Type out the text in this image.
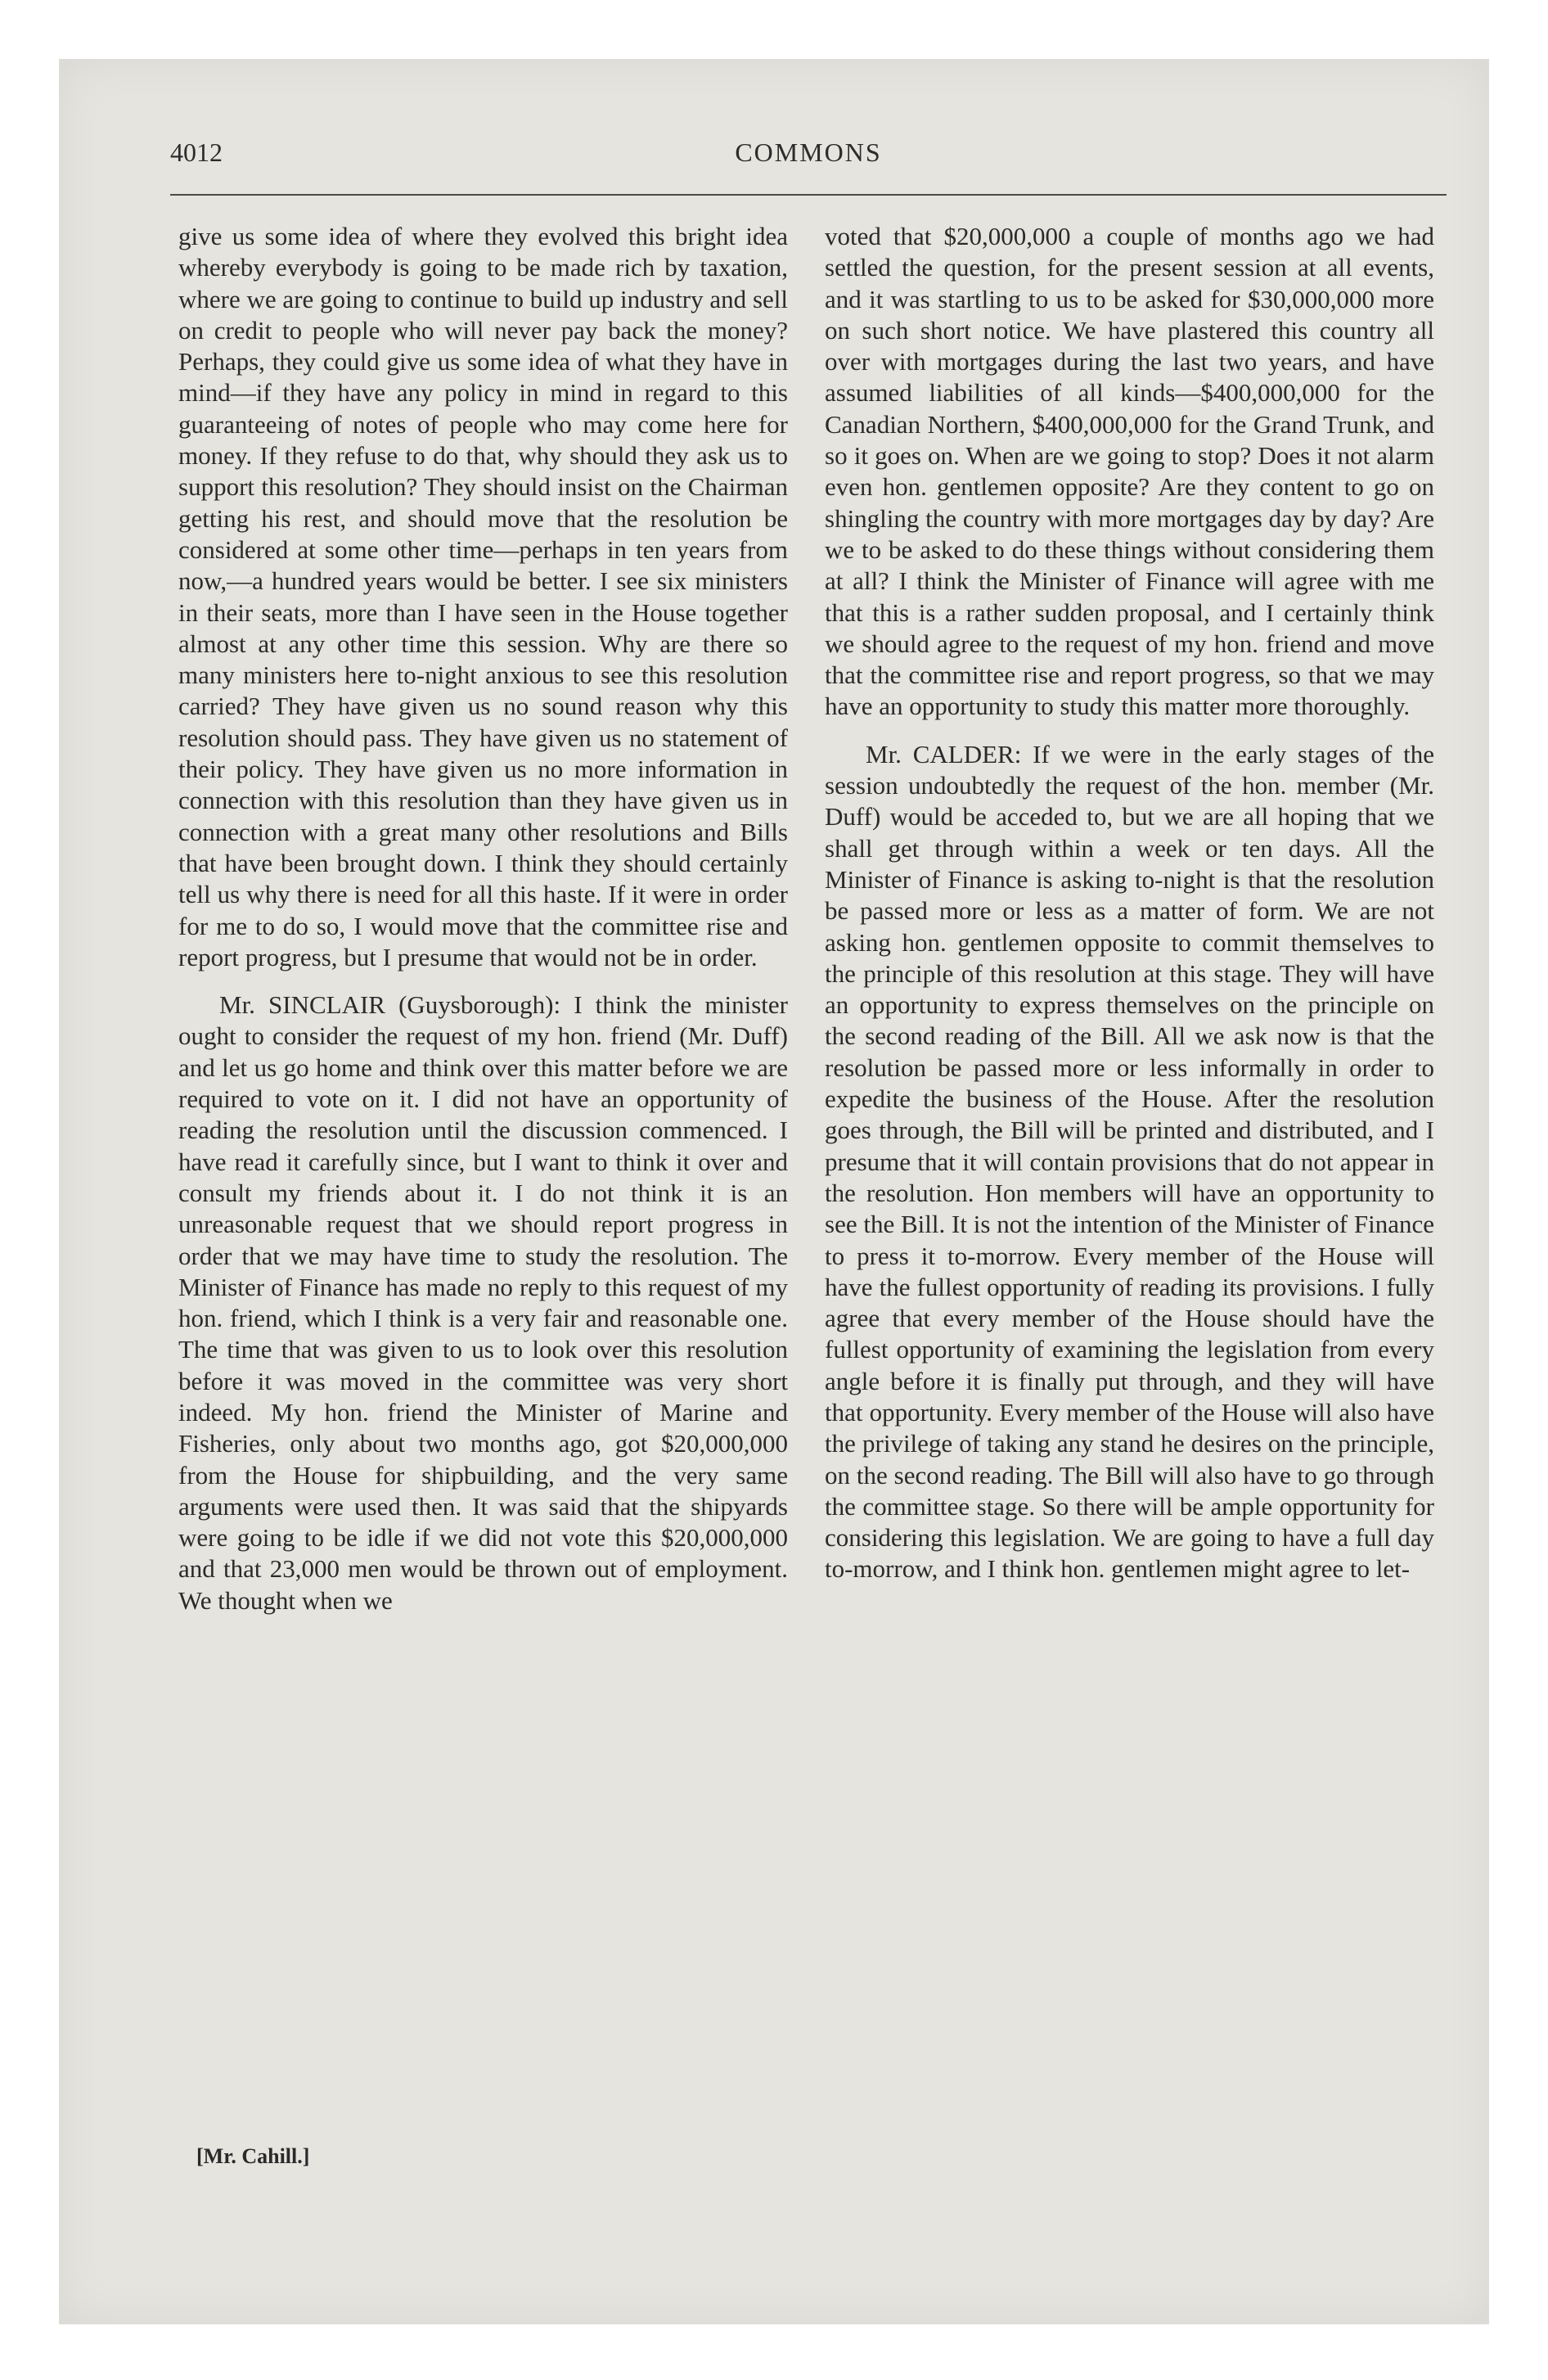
4012	COMMONS

give us some idea of where they evolved this bright idea whereby everybody is going to be made rich by taxation, where we are going to continue to build up industry and sell on credit to people who will never pay back the money? Perhaps, they could give us some idea of what they have in mind—if they have any policy in mind in regard to this guaranteeing of notes of people who may come here for money. If they refuse to do that, why should they ask us to support this resolution? They should insist on the Chairman getting his rest, and should move that the resolution be considered at some other time—perhaps in ten years from now,—a hundred years would be better. I see six ministers in their seats, more than I have seen in the House together almost at any other time this session. Why are there so many ministers here to-night anxious to see this resolution carried? They have given us no sound reason why this resolution should pass. They have given us no statement of their policy. They have given us no more information in connection with this resolution than they have given us in connection with a great many other resolutions and Bills that have been brought down. I think they should certainly tell us why there is need for all this haste. If it were in order for me to do so, I would move that the committee rise and report progress, but I presume that would not be in order.

Mr. SINCLAIR (Guysborough): I think the minister ought to consider the request of my hon. friend (Mr. Duff) and let us go home and think over this matter before we are required to vote on it. I did not have an opportunity of reading the resolution until the discussion commenced. I have read it carefully since, but I want to think it over and consult my friends about it. I do not think it is an unreasonable request that we should report progress in order that we may have time to study the resolution. The Minister of Finance has made no reply to this request of my hon. friend, which I think is a very fair and reasonable one. The time that was given to us to look over this resolution before it was moved in the committee was very short indeed. My hon. friend the Minister of Marine and Fisheries, only about two months ago, got $20,000,000 from the House for shipbuilding, and the very same arguments were used then. It was said that the shipyards were going to be idle if we did not vote this $20,000,000 and that 23,000 men would be thrown out of employment. We thought when we

voted that $20,000,000 a couple of months ago we had settled the question, for the present session at all events, and it was startling to us to be asked for $30,000,000 more on such short notice. We have plastered this country all over with mortgages during the last two years, and have assumed liabilities of all kinds—$400,000,000 for the Canadian Northern, $400,000,000 for the Grand Trunk, and so it goes on. When are we going to stop? Does it not alarm even hon. gentlemen opposite? Are they content to go on shingling the country with more mortgages day by day? Are we to be asked to do these things without considering them at all? I think the Minister of Finance will agree with me that this is a rather sudden proposal, and I certainly think we should agree to the request of my hon. friend and move that the committee rise and report progress, so that we may have an opportunity to study this matter more thoroughly.

Mr. CALDER: If we were in the early stages of the session undoubtedly the request of the hon. member (Mr. Duff) would be acceded to, but we are all hoping that we shall get through within a week or ten days. All the Minister of Finance is asking to-night is that the resolution be passed more or less as a matter of form. We are not asking hon. gentlemen opposite to commit themselves to the principle of this resolution at this stage. They will have an opportunity to express themselves on the principle on the second reading of the Bill. All we ask now is that the resolution be passed more or less informally in order to expedite the business of the House. After the resolution goes through, the Bill will be printed and distributed, and I presume that it will contain provisions that do not appear in the resolution. Hon members will have an opportunity to see the Bill. It is not the intention of the Minister of Finance to press it to-morrow. Every member of the House will have the fullest opportunity of reading its provisions. I fully agree that every member of the House should have the fullest opportunity of examining the legislation from every angle before it is finally put through, and they will have that opportunity. Every member of the House will also have the privilege of taking any stand he desires on the principle, on the second reading. The Bill will also have to go through the committee stage. So there will be ample opportunity for considering this legislation. We are going to have a full day to-morrow, and I think hon. gentlemen might agree to let-

[Mr. Cahill.]
